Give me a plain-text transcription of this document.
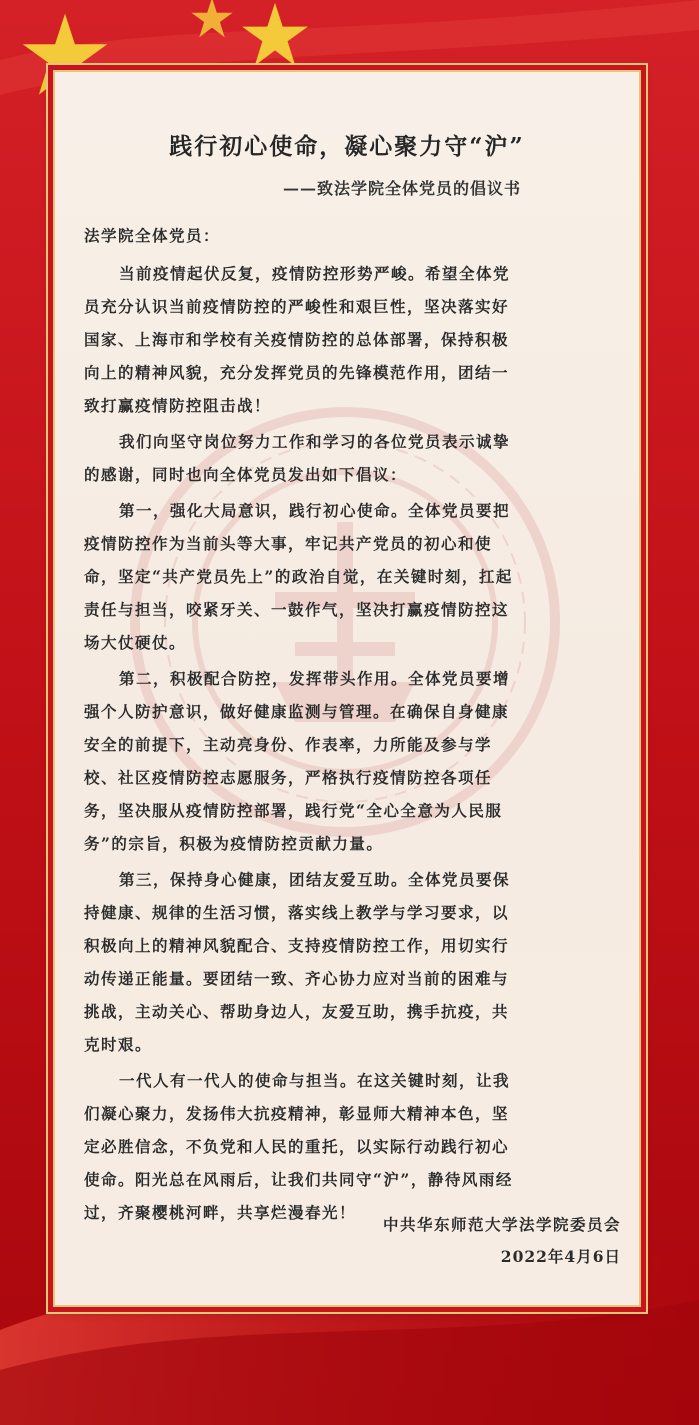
践行初心使命，凝心聚力守“沪”
——致法学院全体党员的倡议书
法学院全体党员：
当前疫情起伏反复，疫情防控形势严峻。希望全体党
员充分认识当前疫情防控的严峻性和艰巨性，坚决落实好
国家、上海市和学校有关疫情防控的总体部署，保持积极
向上的精神风貌，充分发挥党员的先锋模范作用，团结一
致打赢疫情防控阻击战！
我们向坚守岗位努力工作和学习的各位党员表示诚挚
的感谢，同时也向全体党员发出如下倡议：
第一，强化大局意识，践行初心使命。全体党员要把
疫情防控作为当前头等大事，牢记共产党员的初心和使
命，坚定“共产党员先上”的政治自觉，在关键时刻，扛起
责任与担当，咬紧牙关、一鼓作气，坚决打赢疫情防控这
场大仗硬仗。
第二，积极配合防控，发挥带头作用。全体党员要增
强个人防护意识，做好健康监测与管理。在确保自身健康
安全的前提下，主动亮身份、作表率，力所能及参与学
校、社区疫情防控志愿服务，严格执行疫情防控各项任
务，坚决服从疫情防控部署，践行党“全心全意为人民服
务”的宗旨，积极为疫情防控贡献力量。
第三，保持身心健康，团结友爱互助。全体党员要保
持健康、规律的生活习惯，落实线上教学与学习要求，以
积极向上的精神风貌配合、支持疫情防控工作，用切实行
动传递正能量。要团结一致、齐心协力应对当前的困难与
挑战，主动关心、帮助身边人，友爱互助，携手抗疫，共
克时艰。
一代人有一代人的使命与担当。在这关键时刻，让我
们凝心聚力，发扬伟大抗疫精神，彰显师大精神本色，坚
定必胜信念，不负党和人民的重托，以实际行动践行初心
使命。阳光总在风雨后，让我们共同守“沪”，静待风雨经
过，齐聚樱桃河畔，共享烂漫春光！
中共华东师范大学法学院委员会
2022年4月6日
